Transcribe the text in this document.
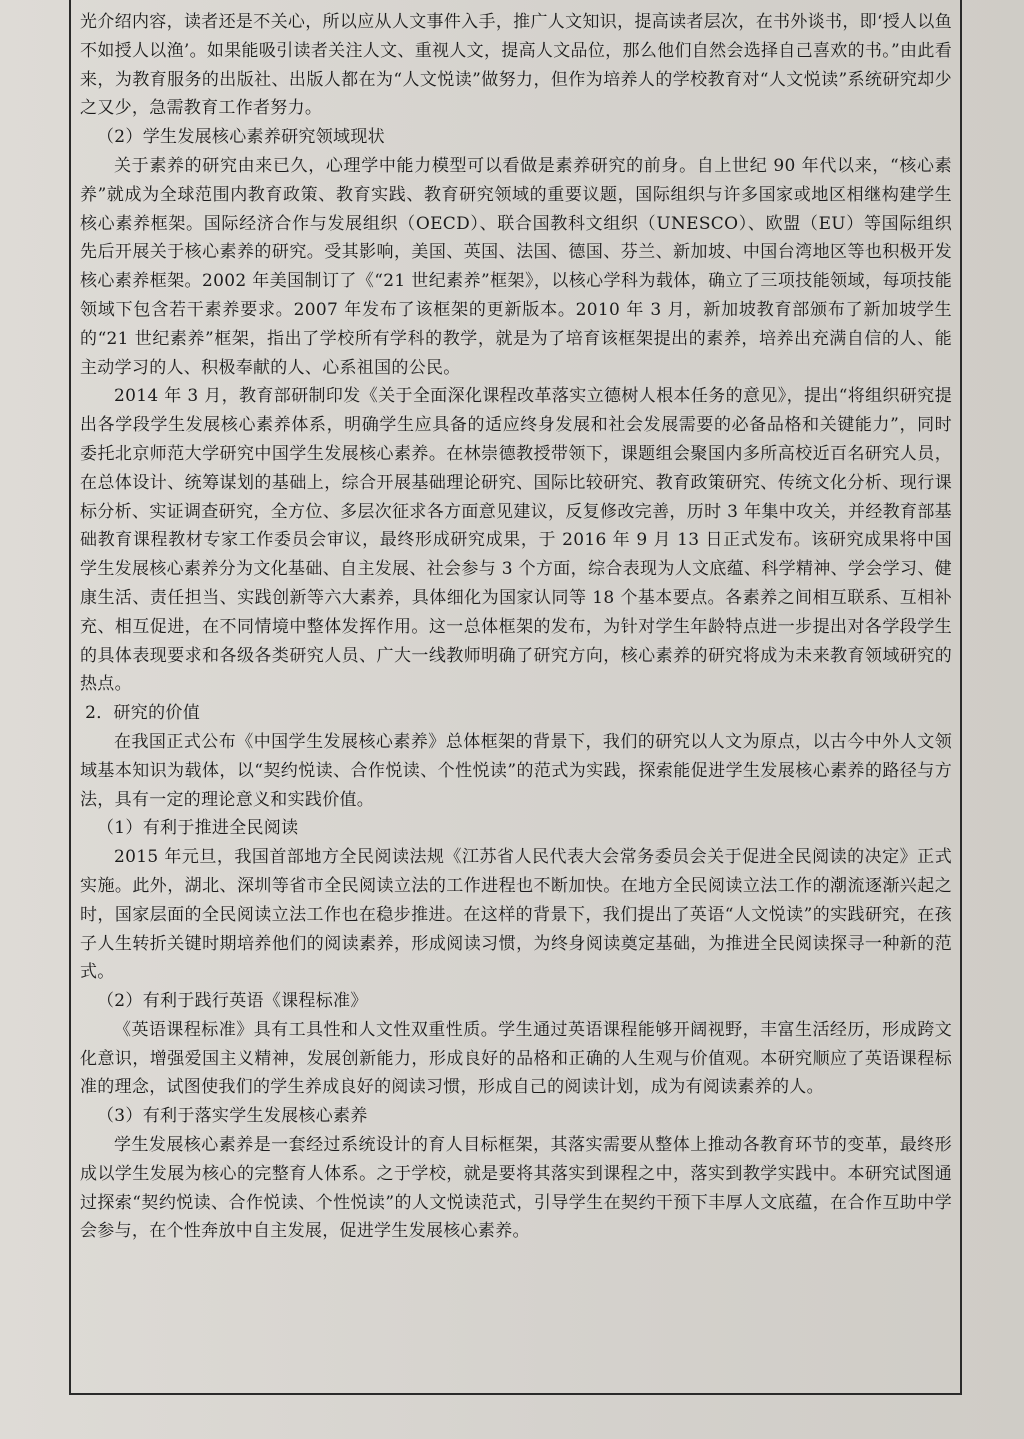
光介绍内容，读者还是不关心，所以应从人文事件入手，推广人文知识，提高读者层次，在书外谈书，即‘授人以鱼不如授人以渔’。如果能吸引读者关注人文、重视人文，提高人文品位，那么他们自然会选择自己喜欢的书。”由此看来，为教育服务的出版社、出版人都在为“人文悦读”做努力，但作为培养人的学校教育对“人文悦读”系统研究却少之又少，急需教育工作者努力。

（2）学生发展核心素养研究领域现状

关于素养的研究由来已久，心理学中能力模型可以看做是素养研究的前身。自上世纪 90 年代以来，“核心素养”就成为全球范围内教育政策、教育实践、教育研究领域的重要议题，国际组织与许多国家或地区相继构建学生核心素养框架。国际经济合作与发展组织（OECD）、联合国教科文组织（UNESCO）、欧盟（EU）等国际组织先后开展关于核心素养的研究。受其影响，美国、英国、法国、德国、芬兰、新加坡、中国台湾地区等也积极开发核心素养框架。2002 年美国制订了《“21 世纪素养”框架》，以核心学科为载体，确立了三项技能领域，每项技能领域下包含若干素养要求。2007 年发布了该框架的更新版本。2010 年 3 月，新加坡教育部颁布了新加坡学生的“21 世纪素养”框架，指出了学校所有学科的教学，就是为了培育该框架提出的素养，培养出充满自信的人、能主动学习的人、积极奉献的人、心系祖国的公民。

2014 年 3 月，教育部研制印发《关于全面深化课程改革落实立德树人根本任务的意见》，提出“将组织研究提出各学段学生发展核心素养体系，明确学生应具备的适应终身发展和社会发展需要的必备品格和关键能力”，同时委托北京师范大学研究中国学生发展核心素养。在林崇德教授带领下，课题组会聚国内多所高校近百名研究人员，在总体设计、统筹谋划的基础上，综合开展基础理论研究、国际比较研究、教育政策研究、传统文化分析、现行课标分析、实证调查研究，全方位、多层次征求各方面意见建议，反复修改完善，历时 3 年集中攻关，并经教育部基础教育课程教材专家工作委员会审议，最终形成研究成果，于 2016 年 9 月 13 日正式发布。该研究成果将中国学生发展核心素养分为文化基础、自主发展、社会参与 3 个方面，综合表现为人文底蕴、科学精神、学会学习、健康生活、责任担当、实践创新等六大素养，具体细化为国家认同等 18 个基本要点。各素养之间相互联系、互相补充、相互促进，在不同情境中整体发挥作用。这一总体框架的发布，为针对学生年龄特点进一步提出对各学段学生的具体表现要求和各级各类研究人员、广大一线教师明确了研究方向，核心素养的研究将成为未来教育领域研究的热点。

2．研究的价值

在我国正式公布《中国学生发展核心素养》总体框架的背景下，我们的研究以人文为原点，以古今中外人文领域基本知识为载体，以“契约悦读、合作悦读、个性悦读”的范式为实践，探索能促进学生发展核心素养的路径与方法，具有一定的理论意义和实践价值。

（1）有利于推进全民阅读

2015 年元旦，我国首部地方全民阅读法规《江苏省人民代表大会常务委员会关于促进全民阅读的决定》正式实施。此外，湖北、深圳等省市全民阅读立法的工作进程也不断加快。在地方全民阅读立法工作的潮流逐渐兴起之时，国家层面的全民阅读立法工作也在稳步推进。在这样的背景下，我们提出了英语“人文悦读”的实践研究，在孩子人生转折关键时期培养他们的阅读素养，形成阅读习惯，为终身阅读奠定基础，为推进全民阅读探寻一种新的范式。

（2）有利于践行英语《课程标准》

《英语课程标准》具有工具性和人文性双重性质。学生通过英语课程能够开阔视野，丰富生活经历，形成跨文化意识，增强爱国主义精神，发展创新能力，形成良好的品格和正确的人生观与价值观。本研究顺应了英语课程标准的理念，试图使我们的学生养成良好的阅读习惯，形成自己的阅读计划，成为有阅读素养的人。

（3）有利于落实学生发展核心素养

学生发展核心素养是一套经过系统设计的育人目标框架，其落实需要从整体上推动各教育环节的变革，最终形成以学生发展为核心的完整育人体系。之于学校，就是要将其落实到课程之中，落实到教学实践中。本研究试图通过探索“契约悦读、合作悦读、个性悦读”的人文悦读范式，引导学生在契约干预下丰厚人文底蕴，在合作互助中学会参与，在个性奔放中自主发展，促进学生发展核心素养。
